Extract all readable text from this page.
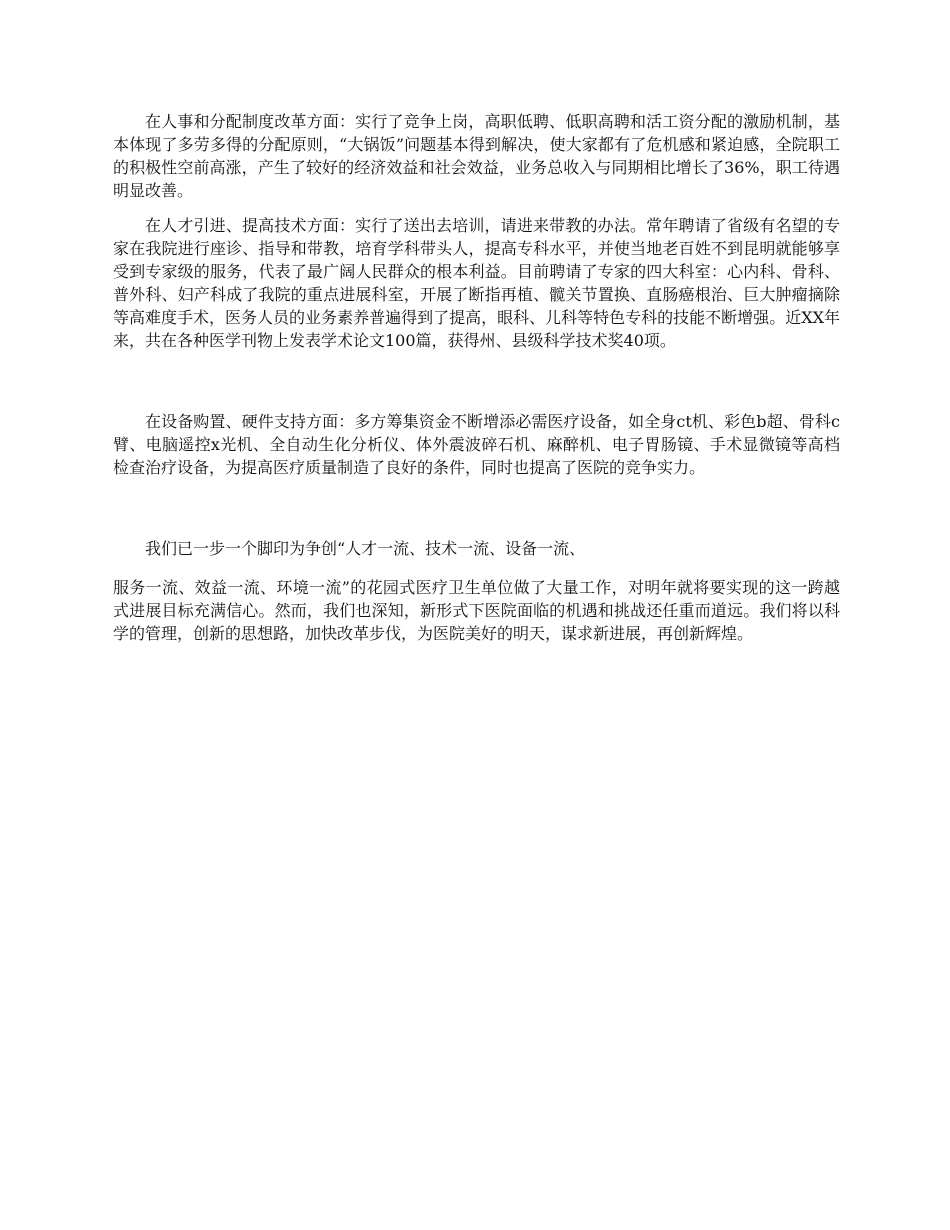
在人事和分配制度改革方面：实行了竞争上岗，高职低聘、低职高聘和活工资分配的激励机制，基本体现了多劳多得的分配原则，“大锅饭”问题基本得到解决，使大家都有了危机感和紧迫感，全院职工的积极性空前高涨，产生了较好的经济效益和社会效益，业务总收入与同期相比增长了36%，职工待遇明显改善。

在人才引进、提高技术方面：实行了送出去培训，请进来带教的办法。常年聘请了省级有名望的专家在我院进行座诊、指导和带教，培育学科带头人，提高专科水平，并使当地老百姓不到昆明就能够享受到专家级的服务，代表了最广阔人民群众的根本利益。目前聘请了专家的四大科室：心内科、骨科、普外科、妇产科成了我院的重点进展科室，开展了断指再植、髋关节置换、直肠癌根治、巨大肿瘤摘除等高难度手术，医务人员的业务素养普遍得到了提高，眼科、儿科等特色专科的技能不断增强。近XX年来，共在各种医学刊物上发表学术论文100篇，获得州、县级科学技术奖40项。

在设备购置、硬件支持方面：多方筹集资金不断增添必需医疗设备，如全身ct机、彩色b超、骨科c臂、电脑遥控x光机、全自动生化分析仪、体外震波碎石机、麻醉机、电子胃肠镜、手术显微镜等高档检查治疗设备，为提高医疗质量制造了良好的条件，同时也提高了医院的竞争实力。

我们已一步一个脚印为争创“人才一流、技术一流、设备一流、

服务一流、效益一流、环境一流”的花园式医疗卫生单位做了大量工作，对明年就将要实现的这一跨越式进展目标充满信心。然而，我们也深知，新形式下医院面临的机遇和挑战还任重而道远。我们将以科学的管理，创新的思想路，加快改革步伐，为医院美好的明天，谋求新进展，再创新辉煌。
